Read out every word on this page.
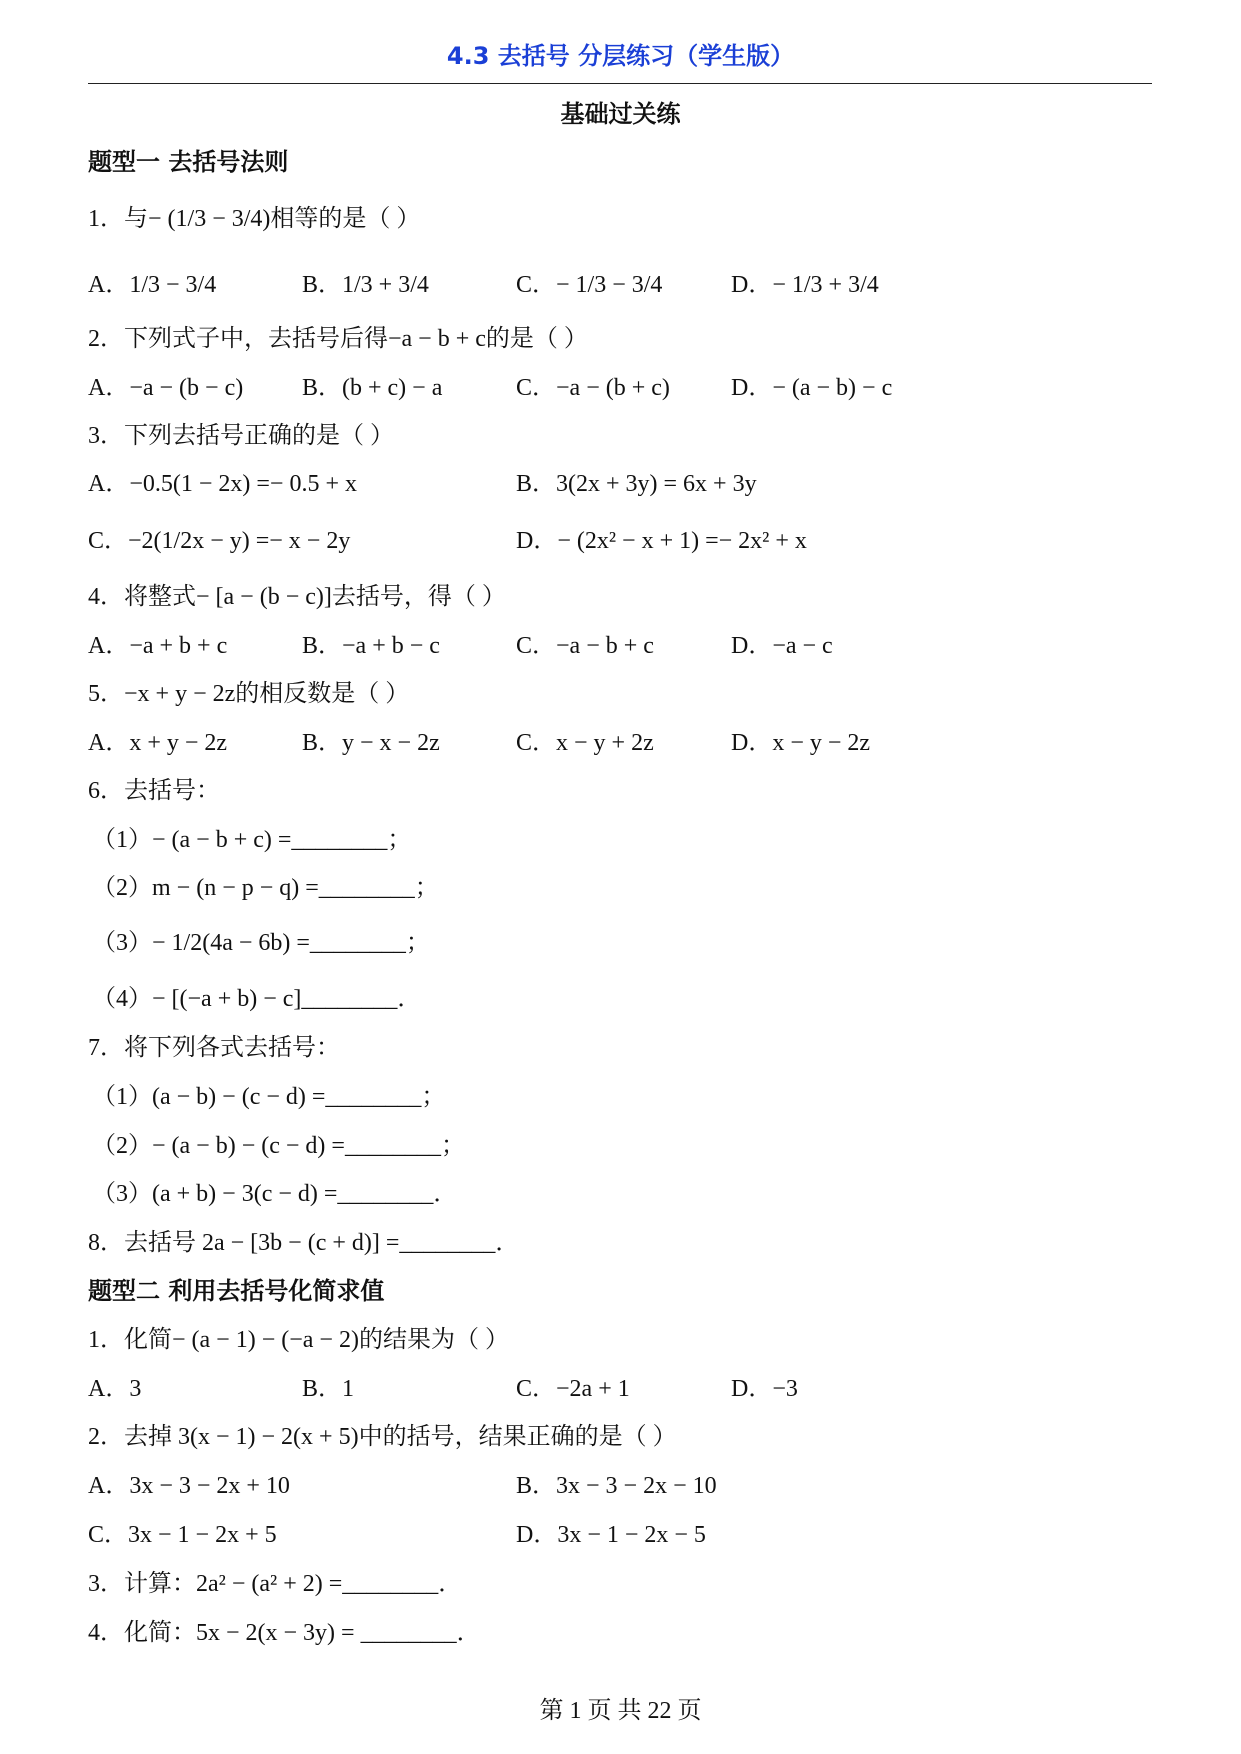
4.3 去括号 分层练习（学生版）
基础过关练
题型一 去括号法则
1．与− (1/3 − 3/4)相等的是（ ）
A．1/3 − 3/4	B．1/3 + 3/4	C．− 1/3 − 3/4	D．− 1/3 + 3/4
2．下列式子中，去括号后得−a − b + c的是（ ）
A．−a − (b − c) B．(b + c) − a	C．−a − (b + c)	D．− (a − b) − c
3．下列去括号正确的是（ ）
A．−0.5(1 − 2x) =− 0.5 + x	B．3(2x + 3y) = 6x + 3y
C．−2(1/2x − y) =− x − 2y	D．− (2x² − x + 1) =− 2x² + x
4．将整式− [a − (b − c)]去括号，得（ ）
A．−a + b + c	B．−a + b − c	C．−a − b + c	D．−a − c
5．−x + y − 2z的相反数是（ ）
A．x + y − 2z	B．y − x − 2z	C．x − y + 2z	D．x − y − 2z
6．去括号：
（1）− (a − b + c) =________；
（2）m − (n − p − q) =________；
（3）− 1/2(4a − 6b) =________；
（4）− [(−a + b) − c]________．
7．将下列各式去括号：
（1）(a − b) − (c − d) =________；
（2）− (a − b) − (c − d) =________；
（3）(a + b) − 3(c − d) =________．
8．去括号 2a − [3b − (c + d)] =________．
题型二 利用去括号化简求值
1．化简− (a − 1) − (−a − 2)的结果为（ ）
A．3	B．1	C．−2a + 1	D．−3
2．去掉 3(x − 1) − 2(x + 5)中的括号，结果正确的是（ ）
A．3x − 3 − 2x + 10	B．3x − 3 − 2x − 10
C．3x − 1 − 2x + 5	D．3x − 1 − 2x − 5
3．计算：2a² − (a² + 2) =________．
4．化简：5x − 2(x − 3y) = ________．
第 1 页 共 22 页
